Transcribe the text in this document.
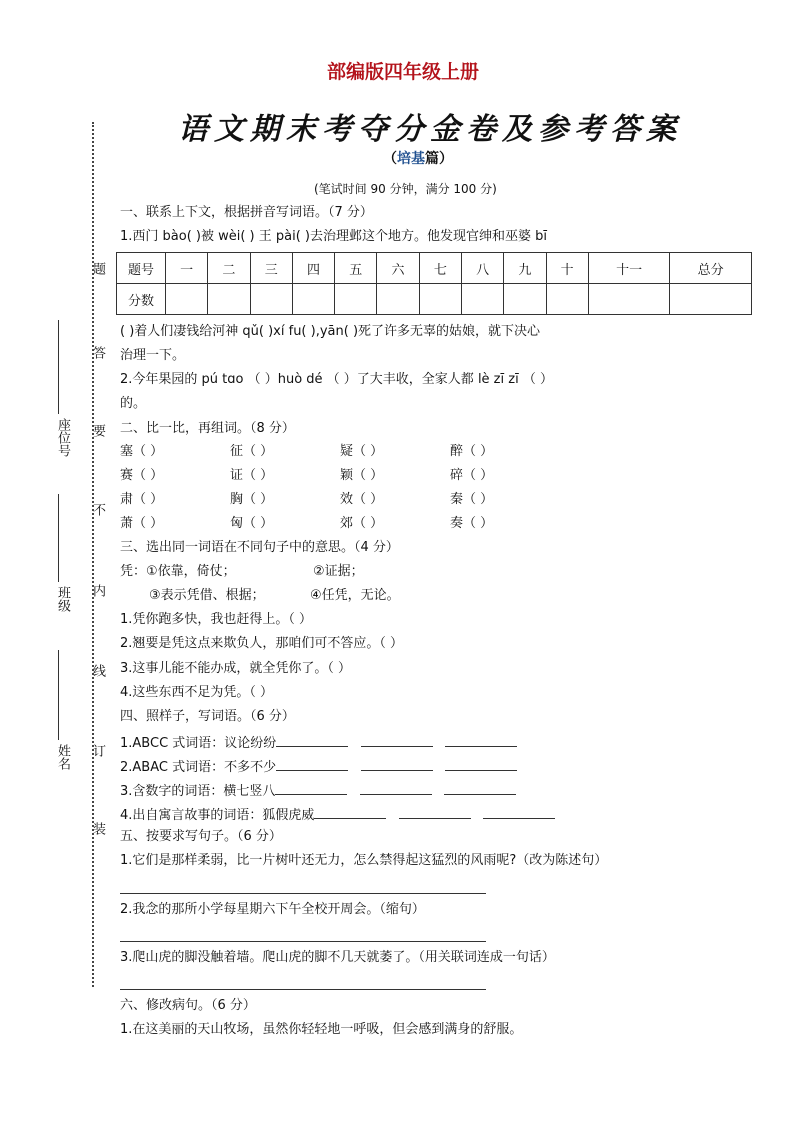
部编版四年级上册
语文期末考夺分金卷及参考答案
（培基篇）
(笔试时间 90 分钟，满分 100 分)
题
答
要
不
内
线
订
装
座位号
班级
姓名
一、联系上下文，根据拼音写词语。（7 分）
1.西门 bào( )被 wèi( ) 王 pài( )去治理邺这个地方。他发现官绅和巫婆 bī
题号	一	二	三	四	五	六	七	八	九	十	十一	总分
分数												
( )着人们凄钱给河神 qǔ( )xí fu( ),yān( )死了许多无辜的姑娘，就下决心
治理一下。
2.今年果园的 pú tɑo （ ）huò dé （ ）了大丰收，全家人都 lè zī zī （ ）
的。
二、比一比，再组词。（8 分）
塞（ ）	征（ ）	疑（ ）	醉（ ）
赛（ ）	证（ ）	颖（ ）	碎（ ）
肃（ ）	胸（ ）	效（ ）	秦（ ）
萧（ ）	匈（ ）	郊（ ）	奏（ ）
三、选出同一词语在不同句子中的意思。（4 分）
凭：①依靠，倚仗；	②证据；
③表示凭借、根据；	④任凭，无论。
1.凭你跑多快，我也赶得上。（ ）
2.翘要是凭这点来欺负人，那咱们可不答应。（ ）
3.这事儿能不能办成，就全凭你了。（ ）
4.这些东西不足为凭。（ ）
四、照样子，写词语。（6 分）
1.ABCC 式词语：议论纷纷
2.ABAC 式词语：不多不少
3.含数字的词语：横七竖八
4.出自寓言故事的词语：狐假虎威
五、按要求写句子。（6 分）
1.它们是那样柔弱，比一片树叶还无力，怎么禁得起这猛烈的风雨呢?（改为陈述句）
2.我念的那所小学每星期六下午全校开周会。（缩句）
3.爬山虎的脚没触着墙。爬山虎的脚不几天就萎了。（用关联词连成一句话）
六、修改病句。（6 分）
1.在这美丽的天山牧场，虽然你轻轻地一呼吸，但会感到满身的舒服。
